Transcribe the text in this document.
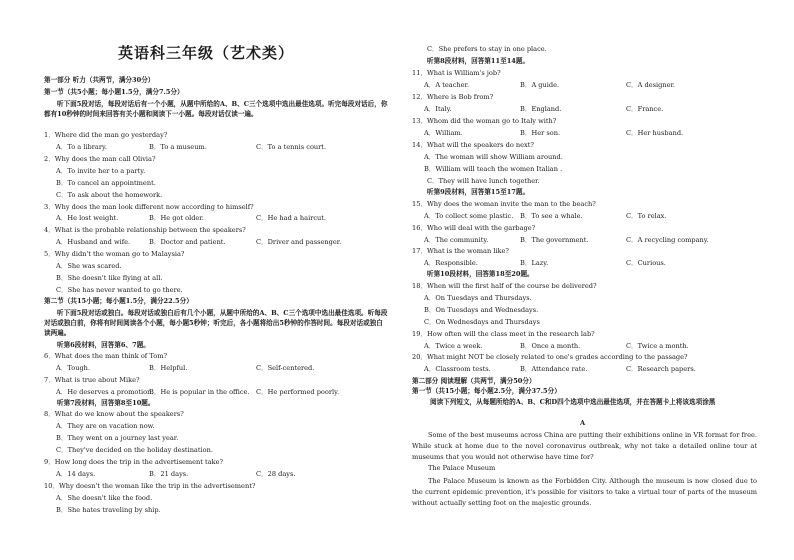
英语科三年级（艺术类）
第一部分 听力（共两节，满分30分）
第一节（共5小题；每小题1.5分，满分7.5分）
听下面5段对话，每段对话后有一个小题，从题中所给的A、B、C三个选项中选出最佳选项。听完每段对话后，你都有10秒钟的时间来回答有关小题和阅读下一小题。每段对话仅读一遍。
1．Where did the man go yesterday?
A．To a library.	B．To a museum.	C．To a tennis court.
2．Why does the man call Olivia?
A．To invite her to a party.
B．To cancel an appointment.
C．To ask about the homework.
3．Why does the man look different now according to himself?
A．He lost weight.	B．He got older.	C．He had a haircut.
4．What is the probable relationship between the speakers?
A．Husband and wife.	B．Doctor and patient.	C．Driver and passenger.
5．Why didn't the woman go to Malaysia?
A．She was scared.
B．She doesn't like flying at all.
C．She has never wanted to go there.
第二节（共15小题；每小题1.5分，满分22.5分）
听下面5段对话或独白。每段对话或独白后有几个小题，从题中所给的A、B、C三个选项中选出最佳选项。听每段对话或独白前，你将有时间阅读各个小题，每小题5秒钟；听完后，各小题将给出5秒钟的作答时间。每段对话或独白读两遍。
听第6段材料，回答第6、7题。
6．What does the man think of Tom?
A．Tough.	B．Helpful.	C．Self-centered.
7．What is true about Mike?
A．He deserves a promotion.
B．He is popular in the office. C．He performed poorly.
听第7段材料，回答第8至10题。
8．What do we know about the speakers?
A．They are on vacation now.
B．They went on a journey last year.
C．They've decided on the holiday destination.
9．How long does the trip in the advertisement take?
A．14 days.	B．21 days.	C．28 days.
10．Why doesn't the woman like the trip in the advertisement?
A．She doesn't like the food.
B．She hates traveling by ship.
C．She prefers to stay in one place.
听第8段材料，回答第11至14题。
11．What is William's job?
A．A teacher.	B．A guide.	C．A designer.
12．Where is Bob from?
A．Italy.	B．England.	C．France.
13．Whom did the woman go to Italy with?
A．William.	B．Her son.	C．Her husband.
14．What will the speakers do next?
A．The woman will show William around.
B．William will teach the women Italian .
C．They will have lunch together.
听第9段材料，回答第15至17题。
15．Why does the woman invite the man to the beach?
A．To collect some plastic. B．To see a whale.	C．To relax.
16．Who will deal with the garbage?
A．The community.	B．The government.	C．A recycling company.
17．What is the woman like?
A．Responsible.	B．Lazy.	C．Curious.
听第10段材料，回答第18至20题。
18．When will the first half of the course be delivered?
A．On Tuesdays and Thursdays.
B．On Tuesdays and Wednesdays.
C．On Wednesdays and Thursdays
19．How often will the class meet in the research lab?
A．Twice a week.	B．Once a month.	C．Twice a month.
20．What might NOT be closely related to one's grades according to the passage?
A．Classroom tests.	B．Attendance rate.	C．Research papers.
第二部分 阅读理解（共两节，满分50分）
第一节（共15小题；每小题2.5分，满分37.5分）
阅读下列短文，从每题所给的A、B、C和D四个选项中选出最佳选项，并在答题卡上将该选项涂黑
A
Some of the best museums across China are putting their exhibitions online in VR format for free. While stuck at home due to the novel coronavirus outbreak, why not take a detailed online tour at museums that you would not otherwise have time for?
The Palace Museum
The Palace Museum is known as the Forbidden City. Although the museum is now closed due to the current epidemic prevention, it's possible for visitors to take a virtual tour of parts of the museum without actually setting foot on the majestic grounds.
